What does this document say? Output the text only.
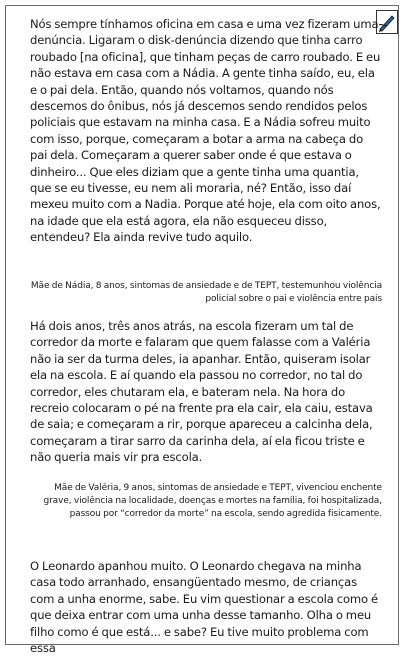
Nós sempre tínhamos oficina em casa e uma vez fizeram uma denúncia. Ligaram o disk-denúncia dizendo que tinha carro roubado [na oficina], que tinham peças de carro roubado. E eu não estava em casa com a Nádia. A gente tinha saído, eu, ela e o pai dela. Então, quando nós voltamos, quando nós descemos do ônibus, nós já descemos sendo rendidos pelos policiais que estavam na minha casa. E a Nádia sofreu muito com isso, porque, começaram a botar a arma na cabeça do pai dela. Começaram a querer saber onde é que estava o dinheiro... Que eles diziam que a gente tinha uma quantia, que se eu tivesse, eu nem ali moraria, né? Então, isso daí mexeu muito com a Nadia. Porque até hoje, ela com oito anos, na idade que ela está agora, ela não esqueceu disso, entendeu? Ela ainda revive tudo aquilo.

Mãe de Nádia, 8 anos, sintomas de ansiedade e de TEPT, testemunhou violência policial sobre o pai e violência entre pais

Há dois anos, três anos atrás, na escola fizeram um tal de corredor da morte e falaram que quem falasse com a Valéria não ia ser da turma deles, ia apanhar. Então, quiseram isolar ela na escola. E aí quando ela passou no corredor, no tal do corredor, eles chutaram ela, e bateram nela. Na hora do recreio colocaram o pé na frente pra ela cair, ela caiu, estava de saia; e começaram a rir, porque apareceu a calcinha dela, começaram a tirar sarro da carinha dela, aí ela ficou triste e não queria mais vir pra escola.

Mãe de Valéria, 9 anos, sintomas de ansiedade e TEPT, vivenciou enchente grave, violência na localidade, doenças e mortes na família, foi hospitalizada, passou por “corredor da morte” na escola, sendo agredida fisicamente.

O Leonardo apanhou muito. O Leonardo chegava na minha casa todo arranhado, ensangüentado mesmo, de crianças com a unha enorme, sabe. Eu vim questionar a escola como é que deixa entrar com uma unha desse tamanho. Olha o meu filho como é que está... e sabe? Eu tive muito problema com essa
